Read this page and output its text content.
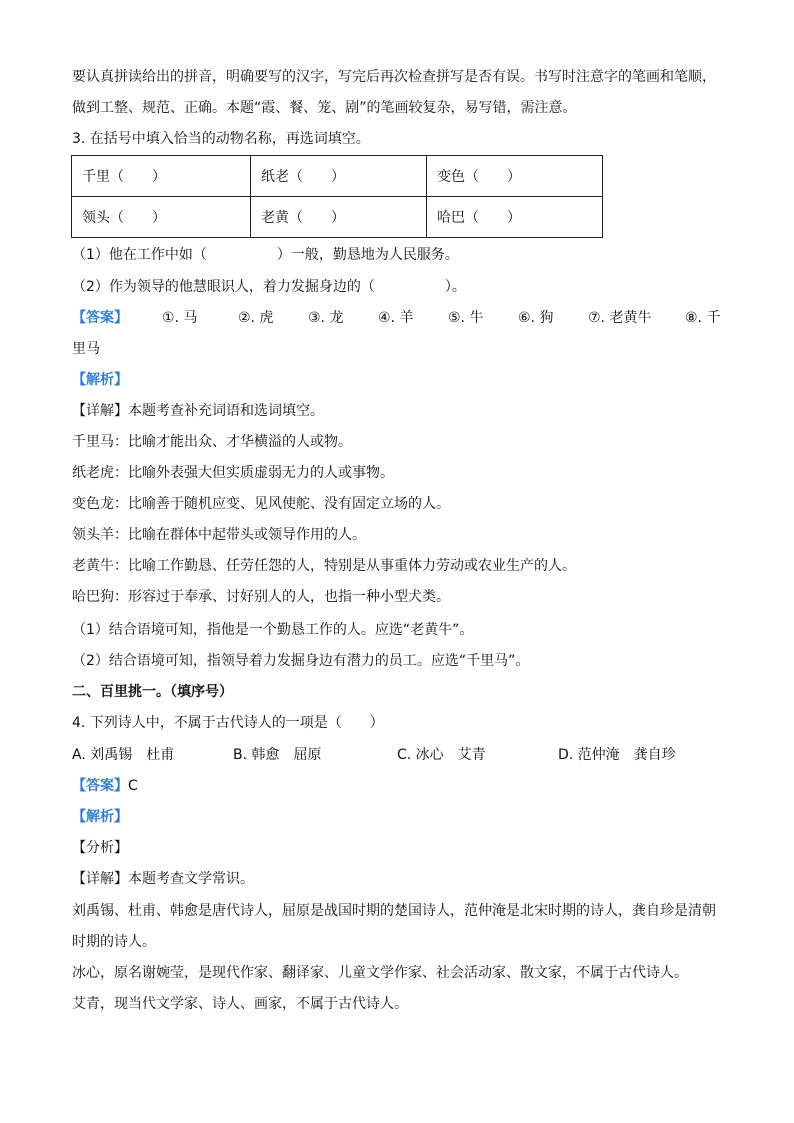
要认真拼读给出的拼音，明确要写的汉字，写完后再次检查拼写是否有误。书写时注意字的笔画和笔顺，
做到工整、规范、正确。本题“霞、餐、笼、剧”的笔画较复杂，易写错，需注意。
3. 在括号中填入恰当的动物名称，再选词填空。
千里（　　）	纸老（　　）	变色（　　）
领头（　　）	老黄（　　）	哈巴（　　）
（1）他在工作中如（　　　　　）一般，勤恳地为人民服务。
（2）作为领导的他慧眼识人，着力发掘身边的（　　　　　）。
【答案】 ①. 马	②. 虎	③. 龙	④. 羊	⑤. 牛	⑥. 狗	⑦. 老黄牛	⑧. 千
里马
【解析】
【详解】本题考查补充词语和选词填空。
千里马：比喻才能出众、才华横溢的人或物。
纸老虎：比喻外表强大但实质虚弱无力的人或事物。
变色龙：比喻善于随机应变、见风使舵、没有固定立场的人。
领头羊：比喻在群体中起带头或领导作用的人。
老黄牛：比喻工作勤恳、任劳任怨的人，特别是从事重体力劳动或农业生产的人。
哈巴狗：形容过于奉承、讨好别人的人，也指一种小型犬类。
（1）结合语境可知，指他是一个勤恳工作的人。应选“老黄牛”。
（2）结合语境可知，指领导着力发掘身边有潜力的员工。应选“千里马”。
二、百里挑一。（填序号）
4. 下列诗人中，不属于古代诗人的一项是（　　）
A. 刘禹锡　杜甫	B. 韩愈　屈原	C. 冰心　艾青	D. 范仲淹　龚自珍
【答案】C
【解析】
【分析】
【详解】本题考查文学常识。
刘禹锡、杜甫、韩愈是唐代诗人，屈原是战国时期的楚国诗人，范仲淹是北宋时期的诗人，龚自珍是清朝
时期的诗人。
冰心，原名谢婉莹，是现代作家、翻译家、儿童文学作家、社会活动家、散文家，不属于古代诗人。
艾青，现当代文学家、诗人、画家，不属于古代诗人。
